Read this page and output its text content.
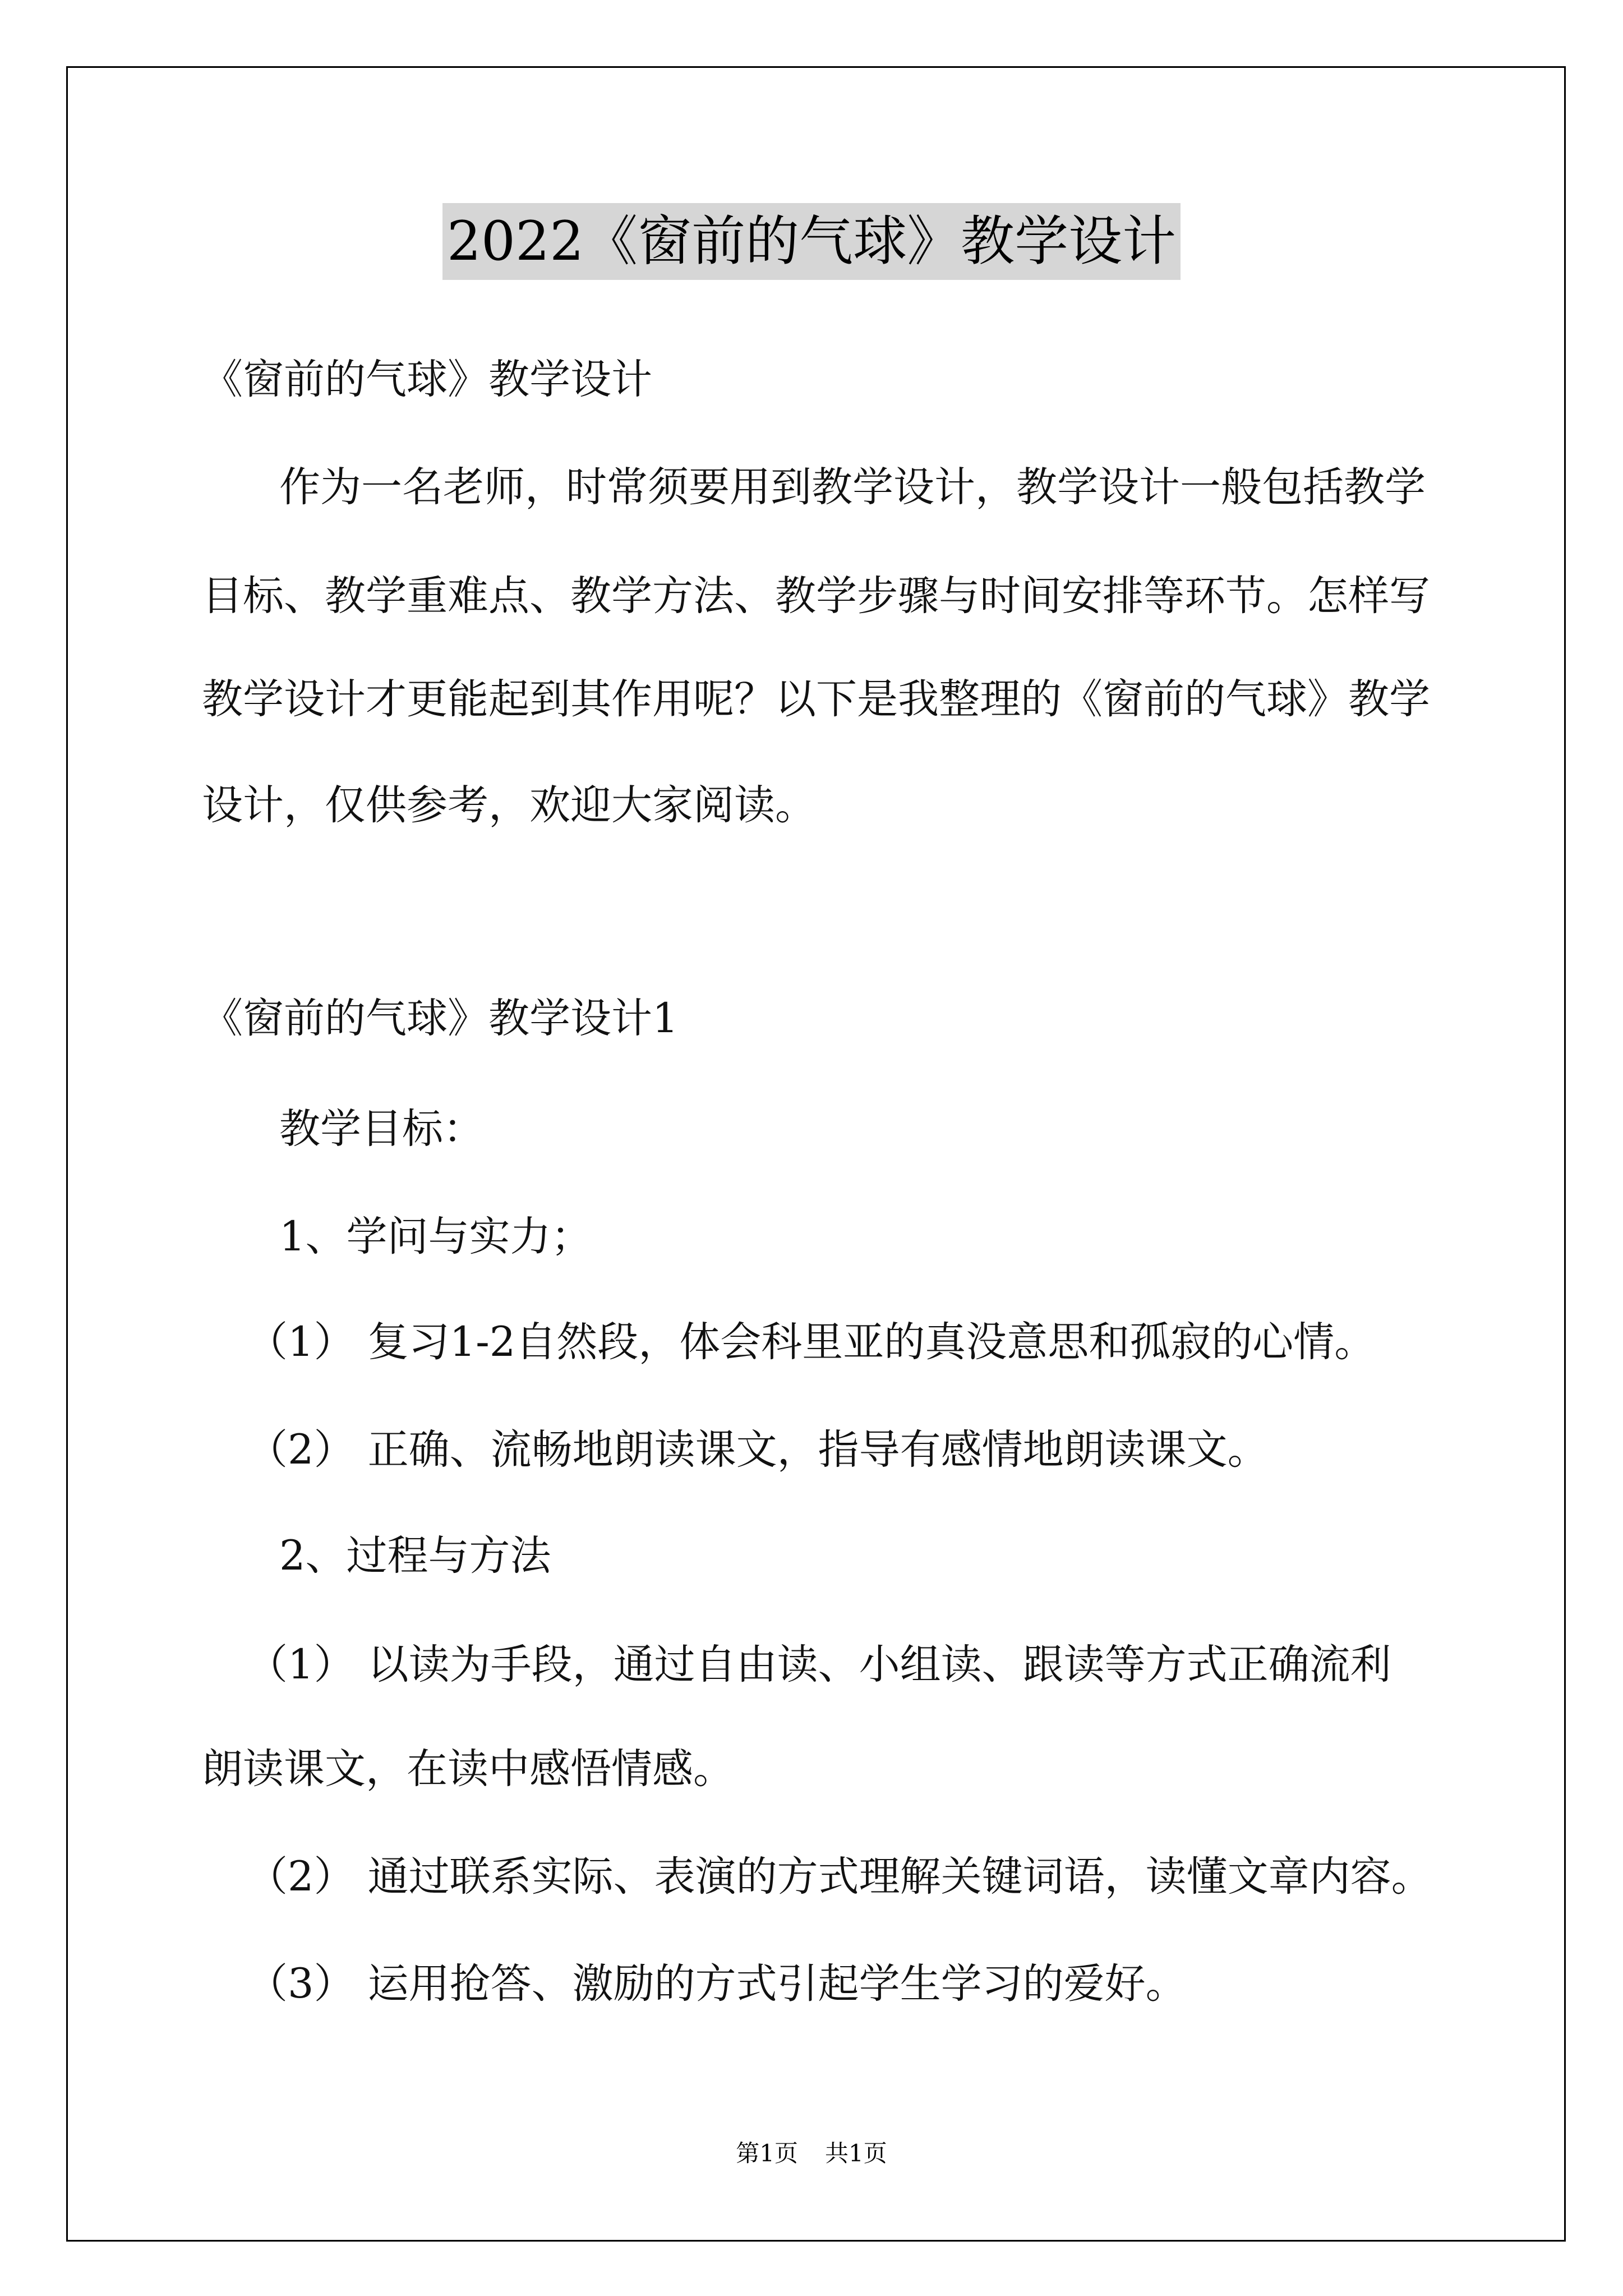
2022《窗前的气球》教学设计

《窗前的气球》教学设计

作为一名老师，时常须要用到教学设计，教学设计一般包括教学

目标、教学重难点、教学方法、教学步骤与时间安排等环节。怎样写

教学设计才更能起到其作用呢？以下是我整理的《窗前的气球》教学

设计，仅供参考，欢迎大家阅读。

《窗前的气球》教学设计1

教学目标：

1、学问与实力；

（1） 复习1-2自然段，体会科里亚的真没意思和孤寂的心情。

（2） 正确、流畅地朗读课文，指导有感情地朗读课文。

2、过程与方法

（1） 以读为手段，通过自由读、小组读、跟读等方式正确流利

朗读课文，在读中感悟情感。

（2） 通过联系实际、表演的方式理解关键词语，读懂文章内容。

（3） 运用抢答、激励的方式引起学生学习的爱好。

第1页 共1页
